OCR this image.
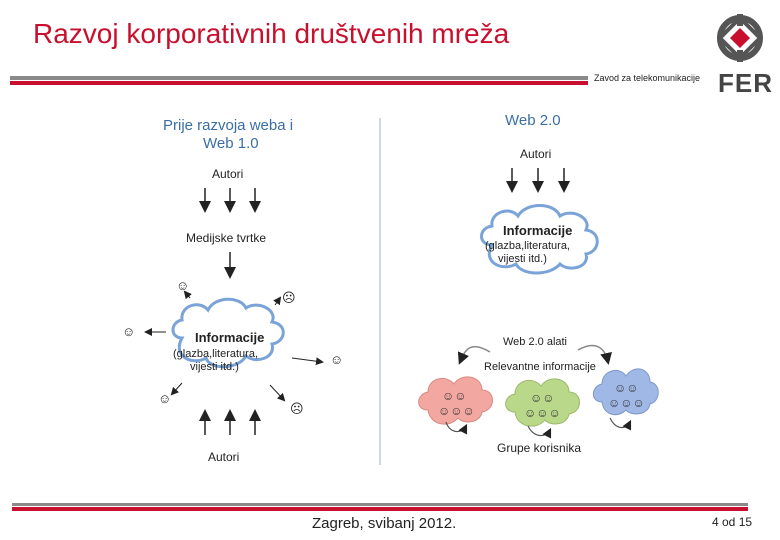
Razvoj korporativnih društvenih mreža
Zavod za telekomunikacije FER
Prije razvoja weba i
Web 1.0
Autori
Medijske tvrtke
Informacije
(glazba,literatura,
vijesti itd.)
☺
☹
☺
☺
☺
☹
Autori
Web 2.0
Autori
Informacije
(glazba,literatura,
vijesti itd.)
Web 2.0 alati
Relevantne informacije
☺☺
☺☺☺
☺☺
☺☺☺
☺☺
☺☺☺
Grupe korisnika
Zagreb, svibanj 2012.	4 od 15
